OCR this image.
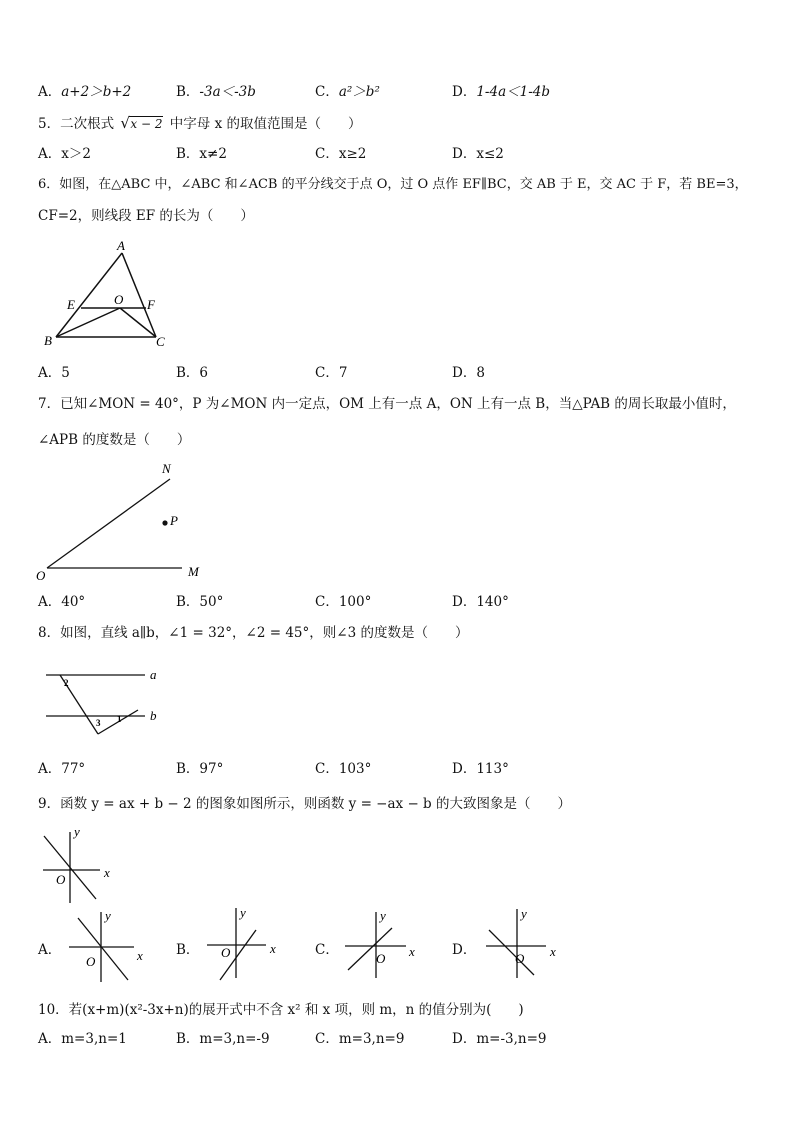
A．a+2＞b+2	B．-3a＜-3b	C．a²＞b²	D．1-4a＜1-4b
5．二次根式 √ x − 2 中字母 x 的取值范围是（　　）
A．x＞2	B．x≠2	C．x≥2	D．x≤2
6．如图，在△ABC 中，∠ABC 和∠ACB 的平分线交于点 O，过 O 点作 EF∥BC，交 AB 于 E，交 AC 于 F，若 BE=3，
CF=2，则线段 EF 的长为（　　）
A
E	O F
B	C
A．5	B．6	C．7	D．8
7．已知∠MON = 40°，P 为∠MON 内一定点，OM 上有一点 A，ON 上有一点 B，当△PAB 的周长取最小值时，
∠APB 的度数是（　　）
N
P
O	M
A．40°	B．50°	C．100°	D．140°
8．如图，直线 a∥b，∠1 = 32°，∠2 = 45°，则∠3 的度数是（　　）
a
b
2
3 1
A．77°	B．97°	C．103°	D．113°
9．函数 y = ax + b − 2 的图象如图所示，则函数 y = −ax − b 的大致图象是（　　）
y
x
O
A．
y
x
O
B．
y
x
O	C．
y
x
O
D．
y
x
O
10．若(x+m)(x²-3x+n)的展开式中不含 x² 和 x 项，则 m，n 的值分别为(　　)
A．m=3,n=1	B．m=3,n=-9	C．m=3,n=9	D．m=-3,n=9
